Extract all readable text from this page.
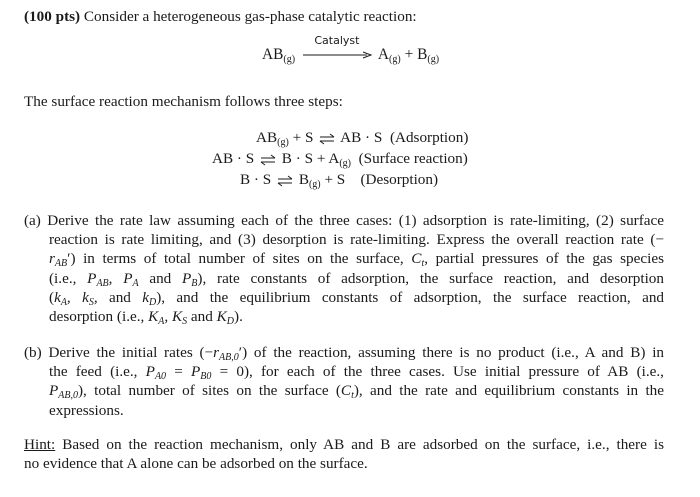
(100 pts) Consider a heterogeneous gas-phase catalytic reaction:
$AB_{(g)}$
Catalyst
$A_{(g)} + B_{(g)}$
The surface reaction mechanism follows three steps:
$AB_{(g)} + S$ ⇌ AB · S  (Adsorption)
AB · S ⇌ $B \cdot S + A_{(g)}$ (Surface reaction)
B · S ⇌ $B_{(g)} + S$    (Desorption)
(a) Derive the rate law assuming each of the three cases: (1) adsorption is rate-limiting, (2) surface
reaction is rate limiting, and (3) desorption is rate-limiting. Express the overall reaction rate (−
$r_{AB}'$) in terms of total number of sites on the surface, $C_t$, partial pressures of the gas species
(i.e., $P_{AB}$, $P_A$ and $P_B$), rate constants of adsorption, the surface reaction, and desorption
($k_A$, $k_S$, and $k_D$), and the equilibrium constants of adsorption, the surface reaction, and
desorption (i.e., $K_A$, $K_S$ and $K_D$).
(b) Derive the initial rates $(-r_{AB,0}')$ of the reaction, assuming there is no product (i.e., A and B) in
the feed (i.e., $P_{A0} = P_{B0} = 0$), for each of the three cases. Use initial pressure of AB (i.e.,
$P_{AB,0}$), total number of sites on the surface $(C_t)$, and the rate and equilibrium constants in the
expressions.
Hint: Based on the reaction mechanism, only AB and B are adsorbed on the surface, i.e., there is
no evidence that A alone can be adsorbed on the surface.
